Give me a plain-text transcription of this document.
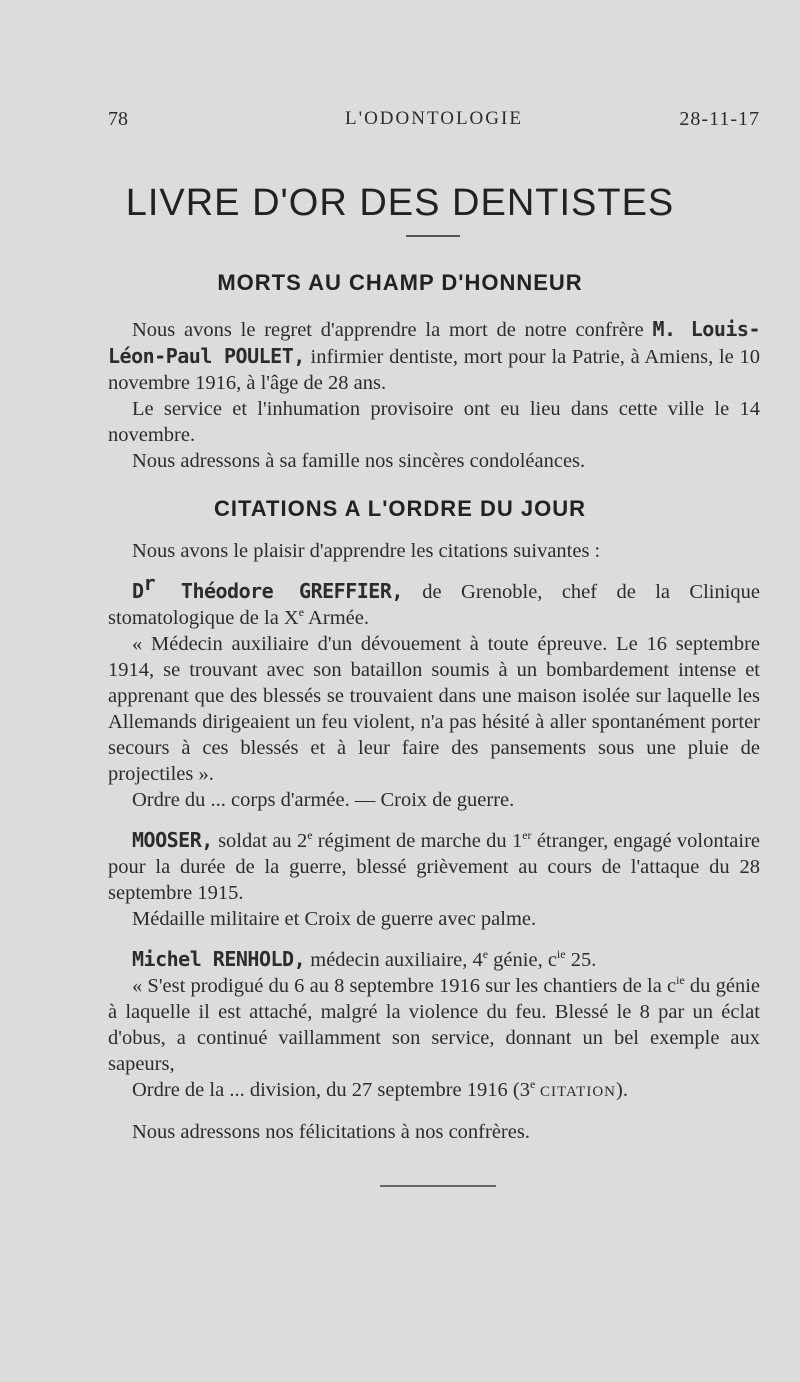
78	L'ODONTOLOGIE	28-11-17
LIVRE D'OR DES DENTISTES
MORTS AU CHAMP D'HONNEUR

Nous avons le regret d'apprendre la mort de notre confrère M. Louis-Léon-Paul POULET, infirmier dentiste, mort pour la Patrie, à Amiens, le 10 novembre 1916, à l'âge de 28 ans.

Le service et l'inhumation provisoire ont eu lieu dans cette ville le 14 novembre.

Nous adressons à sa famille nos sincères condoléances.

CITATIONS A L'ORDRE DU JOUR

Nous avons le plaisir d'apprendre les citations suivantes :

$D^r$ Théodore GREFFIER, de Grenoble, chef de la Clinique stomatologique de la Xe Armée.

« Médecin auxiliaire d'un dévouement à toute épreuve. Le 16 septembre 1914, se trouvant avec son bataillon soumis à un bombardement intense et apprenant que des blessés se trouvaient dans une maison isolée sur laquelle les Allemands dirigeaient un feu violent, n'a pas hésité à aller spontanément porter secours à ces blessés et à leur faire des pansements sous une pluie de projectiles ».

Ordre du ... corps d'armée. — Croix de guerre.

MOOSER, soldat au 2e régiment de marche du 1er étranger, engagé volontaire pour la durée de la guerre, blessé grièvement au cours de l'attaque du 28 septembre 1915.

Médaille militaire et Croix de guerre avec palme.

Michel RENHOLD, médecin auxiliaire, 4e génie, $c^{ie}$ 25.

« S'est prodigué du 6 au 8 septembre 1916 sur les chantiers de la $c^{ie}$ du génie à laquelle il est attaché, malgré la violence du feu. Blessé le 8 par un éclat d'obus, a continué vaillamment son service, donnant un bel exemple aux sapeurs,

Ordre de la ... division, du 27 septembre 1916 (3e CITATION).

Nous adressons nos félicitations à nos confrères.
